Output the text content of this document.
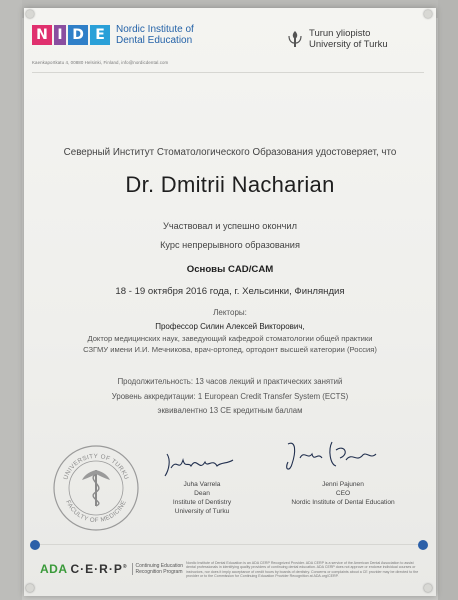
N I D E	Nordic Institute of
Dental Education
Kaenkaportkatu 4, 00880 Helsinki, Finland, info@nordicdental.com
Turun yliopisto
University of Turku
Северный Институт Стоматологического Образования удостоверяет, что
Dr. Dmitrii Nacharian
Участвовал и успешно окончил
Курс непрерывного образования
Основы CAD/CAM
18 - 19 октября 2016 года, г. Хельсинки, Финляндия
Лекторы:
Профессор Силин Алексей Викторович,
Доктор медицинских наук, заведующий кафедрой стоматологии общей практики
СЗГМУ имени И.И. Мечникова, врач-ортопед, ортодонт высшей категории (Россия)
Продолжительность: 13 часов лекций и практических занятий
Уровень аккредитации: 1 European Credit Transfer System (ECTS)
эквивалентно 13 CE кредитным баллам
UNIVERSITY OF TURKU
FACULTY OF MEDICINE
Juha Varrela
Dean
Institute of Dentistry
University of Turku
Jenni Pajunen
CEO
Nordic Institute of Dental Education
ADA C·E·R·P® Continuing Education
Recognition Program
Nordic Institute of Dental Education is an ADA CERP Recognized Provider. ADA CERP is a service of the American Dental Association to assist dental professionals in identifying quality providers of continuing dental education. ADA CERP does not approve or endorse individual courses or instructors, nor does it imply acceptance of credit hours by boards of dentistry. Concerns or complaints about a CE provider may be directed to the provider or to the Commission for Continuing Education Provider Recognition at ADA.org/CERP.
